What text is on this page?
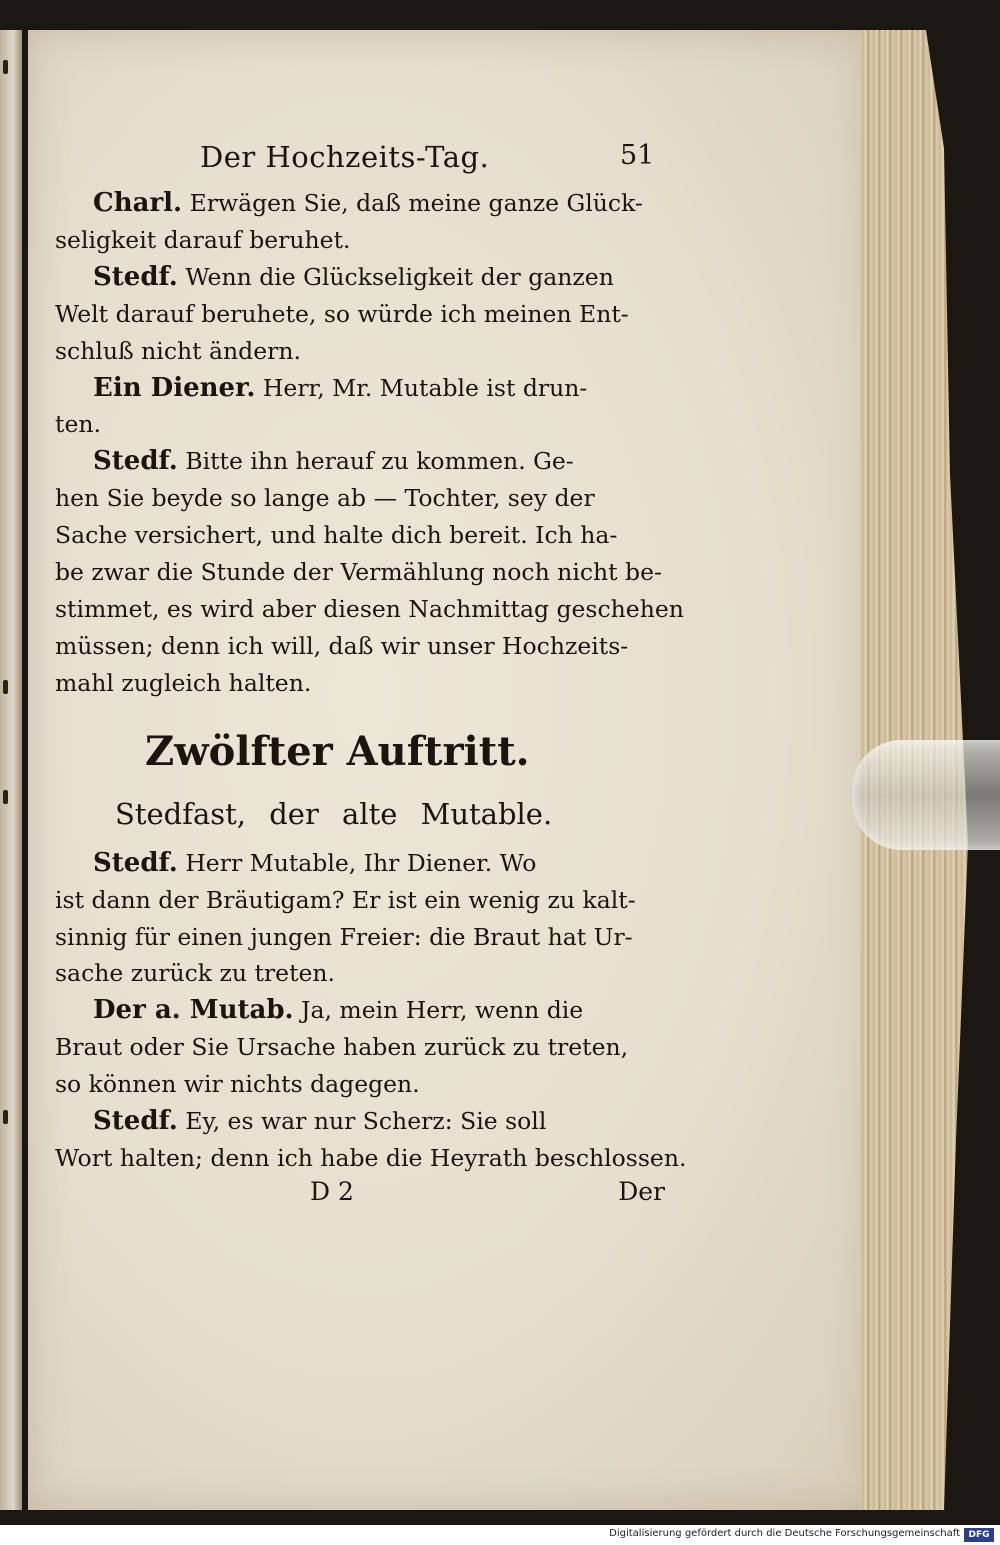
Der Hochzeits-Tag.	51
Charl. Erwägen Sie, daß meine ganze Glück-
seligkeit darauf beruhet.
Stedf. Wenn die Glückseligkeit der ganzen
Welt darauf beruhete, so würde ich meinen Ent-
schluß nicht ändern.
Ein Diener. Herr, Mr. Mutable ist drun-
ten.
Stedf. Bitte ihn herauf zu kommen. Ge-
hen Sie beyde so lange ab — Tochter, sey der
Sache versichert, und halte dich bereit. Ich ha-
be zwar die Stunde der Vermählung noch nicht be-
stimmet, es wird aber diesen Nachmittag geschehen
müssen; denn ich will, daß wir unser Hochzeits-
mahl zugleich halten.
Zwölfter Auftritt.
Stedfast, der alte Mutable.
Stedf. Herr Mutable, Ihr Diener. Wo
ist dann der Bräutigam? Er ist ein wenig zu kalt-
sinnig für einen jungen Freier: die Braut hat Ur-
sache zurück zu treten.
Der a. Mutab. Ja, mein Herr, wenn die
Braut oder Sie Ursache haben zurück zu treten,
so können wir nichts dagegen.
Stedf. Ey, es war nur Scherz: Sie soll
Wort halten; denn ich habe die Heyrath beschlossen.
D 2	Der
Digitalisierung gefördert durch die Deutsche Forschungsgemeinschaft DFG
